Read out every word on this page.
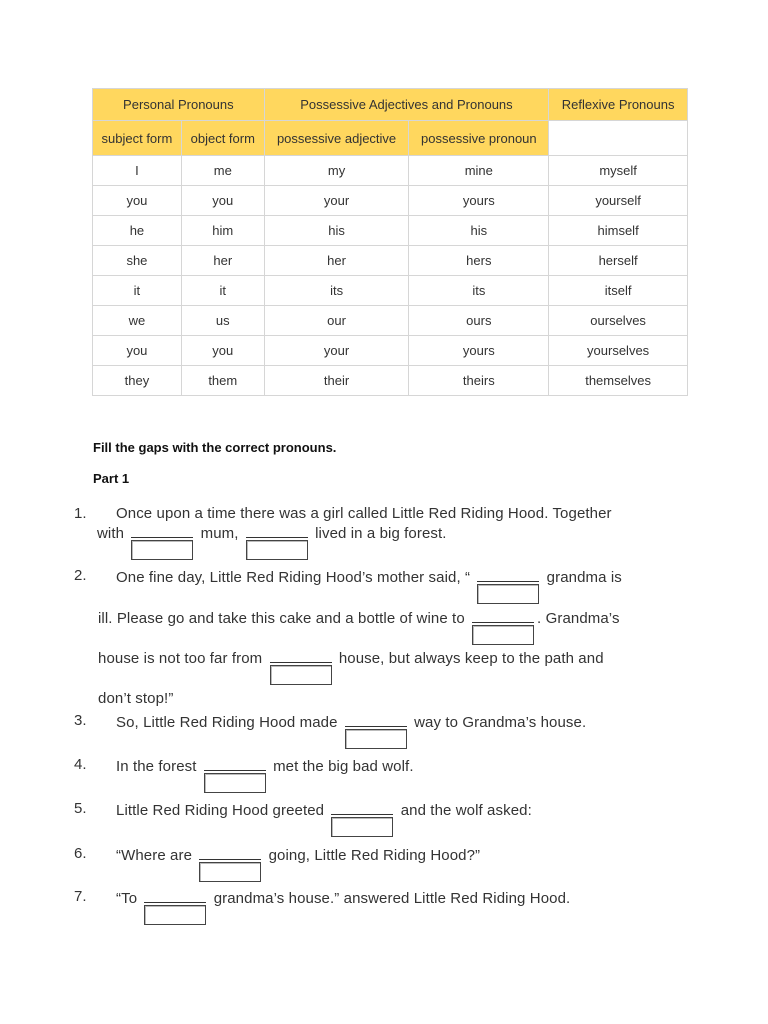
Personal Pronouns		Possessive Adjectives and Pronouns		Reflexive Pronouns
subject form	object form	possessive adjective	possessive pronoun	
I	me	my	mine	myself
you	you	your	yours	yourself
he	him	his	his	himself
she	her	her	hers	herself
it	it	its	its	itself
we	us	our	ours	ourselves
you	you	your	yours	yourselves
they	them	their	theirs	themselves
Fill the gaps with the correct pronouns.
Part 1
1. Once upon a time there was a girl called Little Red Riding Hood. Together
with	mum,	lived in a big forest.
2. One fine day, Little Red Riding Hood’s mother said, “	grandma is
ill. Please go and take this cake and a bottle of wine to	. Grandma’s
house is not too far from	house, but always keep to the path and
don’t stop!”
3. So, Little Red Riding Hood made	way to Grandma’s house.
4. In the forest	met the big bad wolf.
5. Little Red Riding Hood greeted	and the wolf asked:
6. “Where are	going, Little Red Riding Hood?”
7. “To	grandma’s house.” answered Little Red Riding Hood.
